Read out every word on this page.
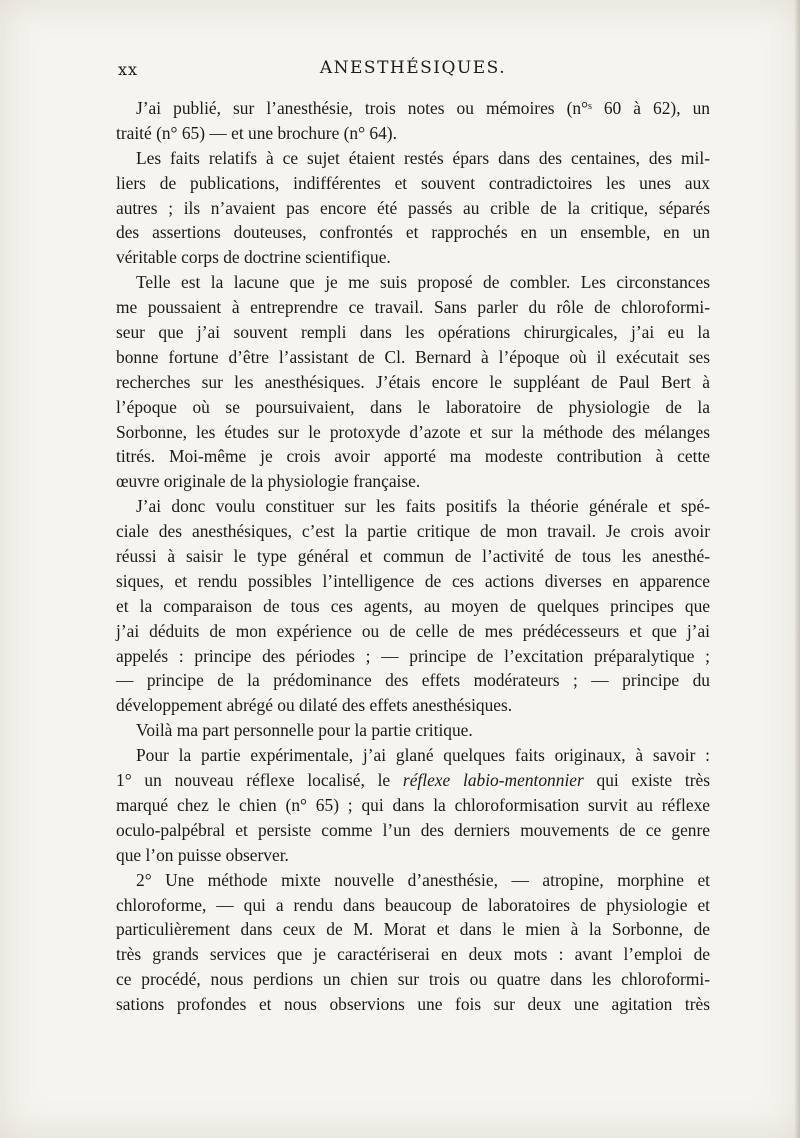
xx	ANESTHÉSIQUES.
J’ai publié, sur l’anesthésie, trois notes ou mémoires (n°ˢ 60 à 62), un
traité (n° 65) — et une brochure (n° 64).
Les faits relatifs à ce sujet étaient restés épars dans des centaines, des mil-
liers de publications, indifférentes et souvent contradictoires les unes aux
autres ; ils n’avaient pas encore été passés au crible de la critique, séparés
des assertions douteuses, confrontés et rapprochés en un ensemble, en un
véritable corps de doctrine scientifique.
Telle est la lacune que je me suis proposé de combler. Les circonstances
me poussaient à entreprendre ce travail. Sans parler du rôle de chloroformi-
seur que j’ai souvent rempli dans les opérations chirurgicales, j’ai eu la
bonne fortune d’être l’assistant de Cl. Bernard à l’époque où il exécutait ses
recherches sur les anesthésiques. J’étais encore le suppléant de Paul Bert à
l’époque où se poursuivaient, dans le laboratoire de physiologie de la
Sorbonne, les études sur le protoxyde d’azote et sur la méthode des mélanges
titrés. Moi-même je crois avoir apporté ma modeste contribution à cette
œuvre originale de la physiologie française.
J’ai donc voulu constituer sur les faits positifs la théorie générale et spé-
ciale des anesthésiques, c’est la partie critique de mon travail. Je crois avoir
réussi à saisir le type général et commun de l’activité de tous les anesthé-
siques, et rendu possibles l’intelligence de ces actions diverses en apparence
et la comparaison de tous ces agents, au moyen de quelques principes que
j’ai déduits de mon expérience ou de celle de mes prédécesseurs et que j’ai
appelés : principe des périodes ; — principe de l’excitation préparalytique ;
— principe de la prédominance des effets modérateurs ; — principe du
développement abrégé ou dilaté des effets anesthésiques.
Voilà ma part personnelle pour la partie critique.
Pour la partie expérimentale, j’ai glané quelques faits originaux, à savoir :
1° un nouveau réflexe localisé, le réflexe labio-mentonnier qui existe très
marqué chez le chien (n° 65) ; qui dans la chloroformisation survit au réflexe
oculo-palpébral et persiste comme l’un des derniers mouvements de ce genre
que l’on puisse observer.
2° Une méthode mixte nouvelle d’anesthésie, — atropine, morphine et
chloroforme, — qui a rendu dans beaucoup de laboratoires de physiologie et
particulièrement dans ceux de M. Morat et dans le mien à la Sorbonne, de
très grands services que je caractériserai en deux mots : avant l’emploi de
ce procédé, nous perdions un chien sur trois ou quatre dans les chloroformi-
sations profondes et nous observions une fois sur deux une agitation très
